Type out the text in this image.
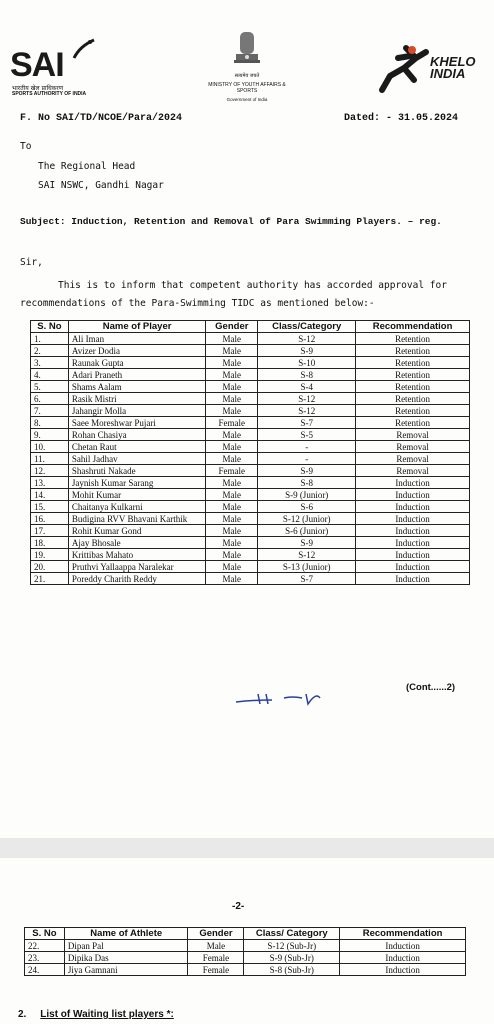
SAI
भारतीय खेल प्राधिकरण
SPORTS AUTHORITY OF INDIA
सत्यमेव जयते
MINISTRY OF YOUTH AFFAIRS & SPORTS
Government of India
KHELO
INDIA
F. No SAI/TD/NCOE/Para/2024	Dated: - 31.05.2024
To
The Regional Head
SAI NSWC, Gandhi Nagar
Subject: Induction, Retention and Removal of Para Swimming Players. – reg.
Sir,
This is to inform that competent authority has accorded approval for
recommendations of the Para-Swimming TIDC as mentioned below:-
S. No	Name of Player	Gender	Class/Category	Recommendation
1.	Ali Iman	Male	S-12	Retention
2.	Avizer Dodia	Male	S-9	Retention
3.	Raunak Gupta	Male	S-10	Retention
4.	Adari Praneth	Male	S-8	Retention
5.	Shams Aalam	Male	S-4	Retention
6.	Rasik Mistri	Male	S-12	Retention
7.	Jahangir Molla	Male	S-12	Retention
8.	Saee Moreshwar Pujari	Female	S-7	Retention
9.	Rohan Chasiya	Male	S-5	Removal
10.	Chetan Raut	Male	-	Removal
11.	Sahil Jadhav	Male	-	Removal
12.	Shashruti Nakade	Female	S-9	Removal
13.	Jaynish Kumar Sarang	Male	S-8	Induction
14.	Mohit Kumar	Male	S-9 (Junior)	Induction
15.	Chaitanya Kulkarni	Male	S-6	Induction
16.	Budigina RVV Bhavani Karthik	Male	S-12 (Junior)	Induction
17.	Rohit Kumar Gond	Male	S-6 (Junior)	Induction
18.	Ajay Bhosale	Male	S-9	Induction
19.	Krittibas Mahato	Male	S-12	Induction
20.	Pruthvi Yallaappa Naralekar	Male	S-13 (Junior)	Induction
21.	Poreddy Charith Reddy	Male	S-7	Induction
(Cont......2)
-2-
S. No	Name of Athlete	Gender	Class/ Category	Recommendation
22.	Dipan Pal	Male	S-12 (Sub-Jr)	Induction
23.	Dipika Das	Female	S-9 (Sub-Jr)	Induction
24.	Jiya Gamnani	Female	S-8 (Sub-Jr)	Induction
2. List of Waiting list players *:
